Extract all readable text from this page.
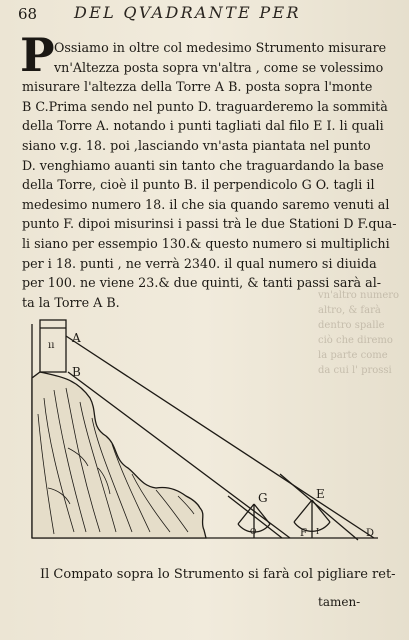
68 DEL QVADRANTE PER
vn'altro numero
altro, & farà
dentro spalle
ciò che diremo
la parte come
da cui l' prossi
P Ossiamo in oltre col medesimo Strumento misurare
vn'Altezza posta sopra vn'altra , come se volessimo
misurare l'altezza della Torre A B. posta sopra l'monte
B C.Prima sendo nel punto D. traguarderemo la sommità
della Torre A. notando i punti tagliati dal filo E I. li quali
siano v.g. 18. poi ,lasciando vn'asta piantata nel punto
D. venghiamo auanti sin tanto che traguardando la base
della Torre, cioè il punto B. il perpendicolo G O. tagli il
medesimo numero 18. il che sia quando saremo venuti al
punto F. dipoi misurinsi i passi trà le due Stationi D F.qua-
li siano per essempio 130.& questo numero si multiplichi
per i 18. punti , ne verrà 2340. il qual numero si diuida
per 100. ne viene 23.& due quinti, & tanti passi sarà al-
ta la Torre A B.
ıı
A
B
G	E
F	D
O	I
Il Compato sopra lo Strumento si farà col pigliare ret-
tamen-
